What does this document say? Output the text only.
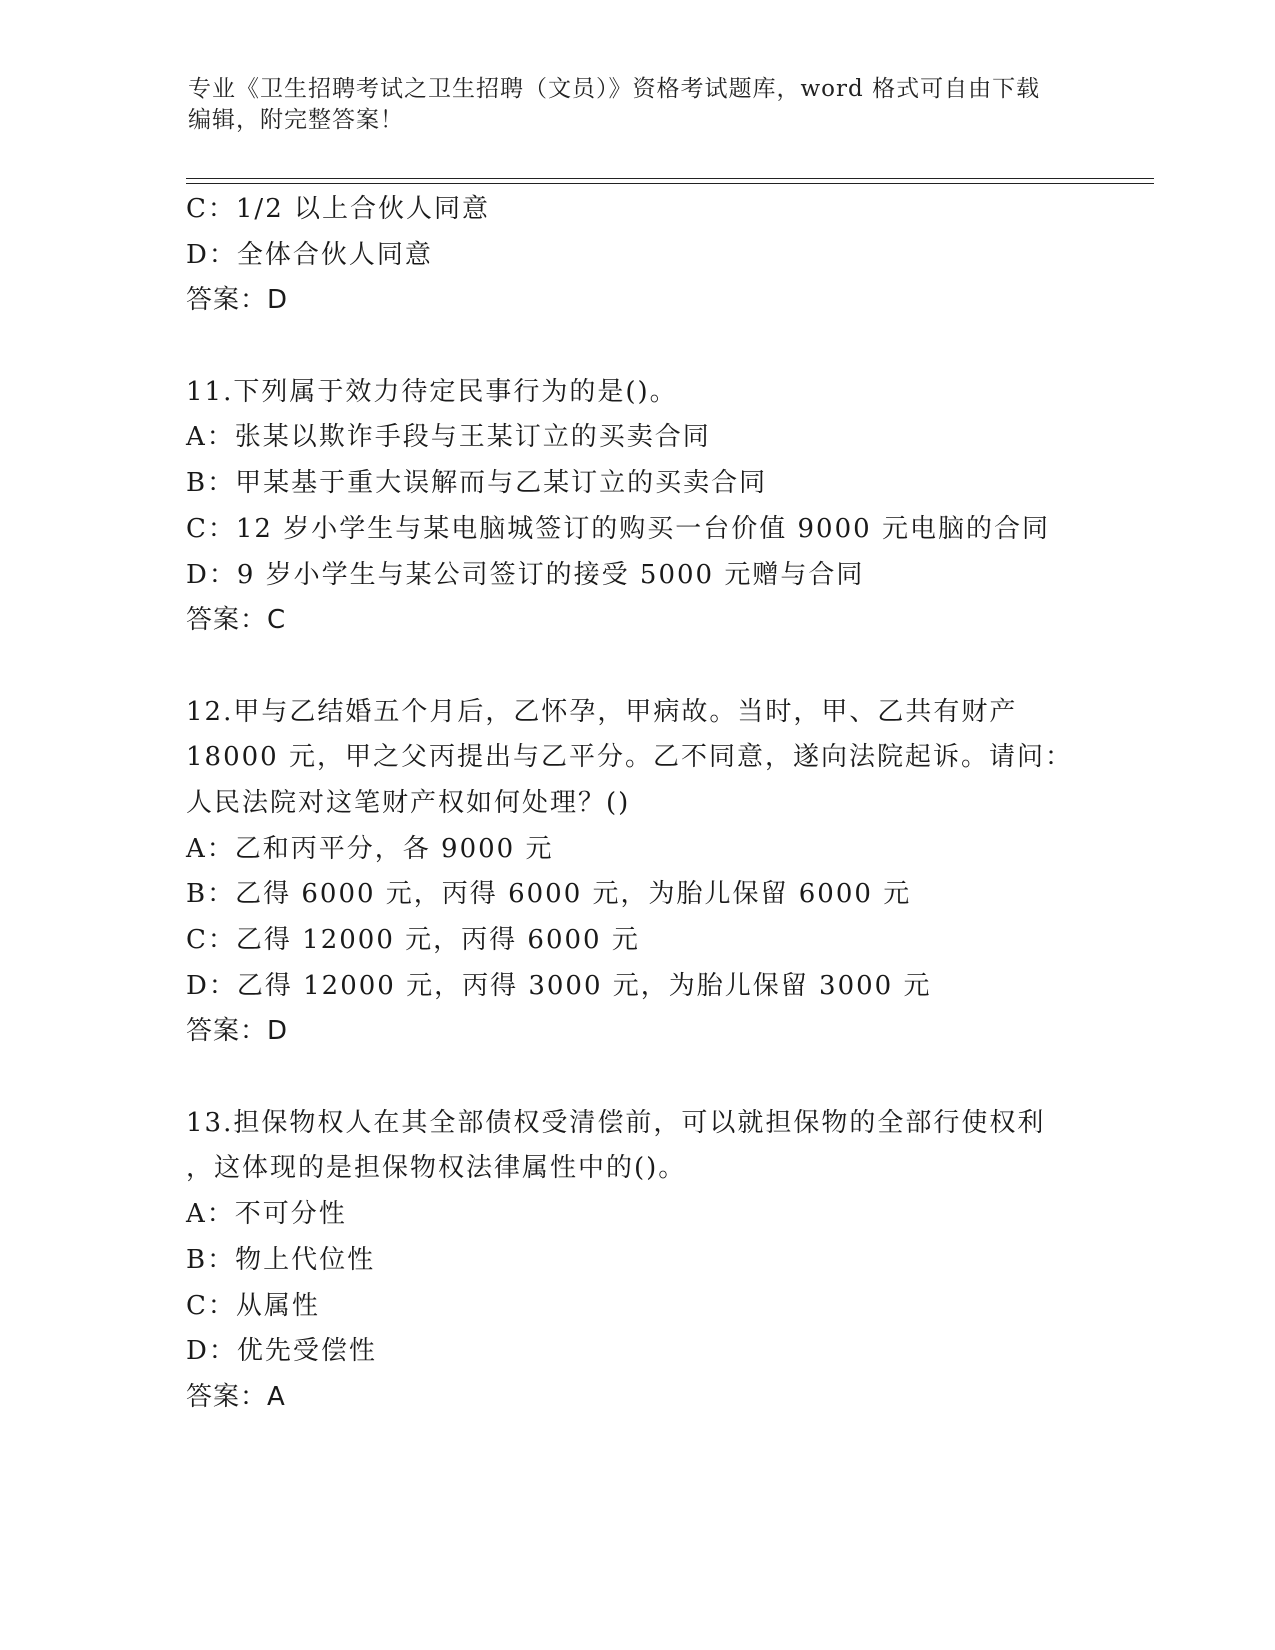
专业《卫生招聘考试之卫生招聘（文员）》资格考试题库，word 格式可自由下载
编辑，附完整答案！
C：1/2 以上合伙人同意
D：全体合伙人同意
答案：D
11.下列属于效力待定民事行为的是()。
A：张某以欺诈手段与王某订立的买卖合同
B：甲某基于重大误解而与乙某订立的买卖合同
C：12 岁小学生与某电脑城签订的购买一台价值 9000 元电脑的合同
D：9 岁小学生与某公司签订的接受 5000 元赠与合同
答案：C
12.甲与乙结婚五个月后，乙怀孕，甲病故。当时，甲、乙共有财产
18000 元，甲之父丙提出与乙平分。乙不同意，遂向法院起诉。请问：
人民法院对这笔财产权如何处理？()
A：乙和丙平分，各 9000 元
B：乙得 6000 元，丙得 6000 元，为胎儿保留 6000 元
C：乙得 12000 元，丙得 6000 元
D：乙得 12000 元，丙得 3000 元，为胎儿保留 3000 元
答案：D
13.担保物权人在其全部债权受清偿前，可以就担保物的全部行使权利
，这体现的是担保物权法律属性中的()。
A：不可分性
B：物上代位性
C：从属性
D：优先受偿性
答案：A
